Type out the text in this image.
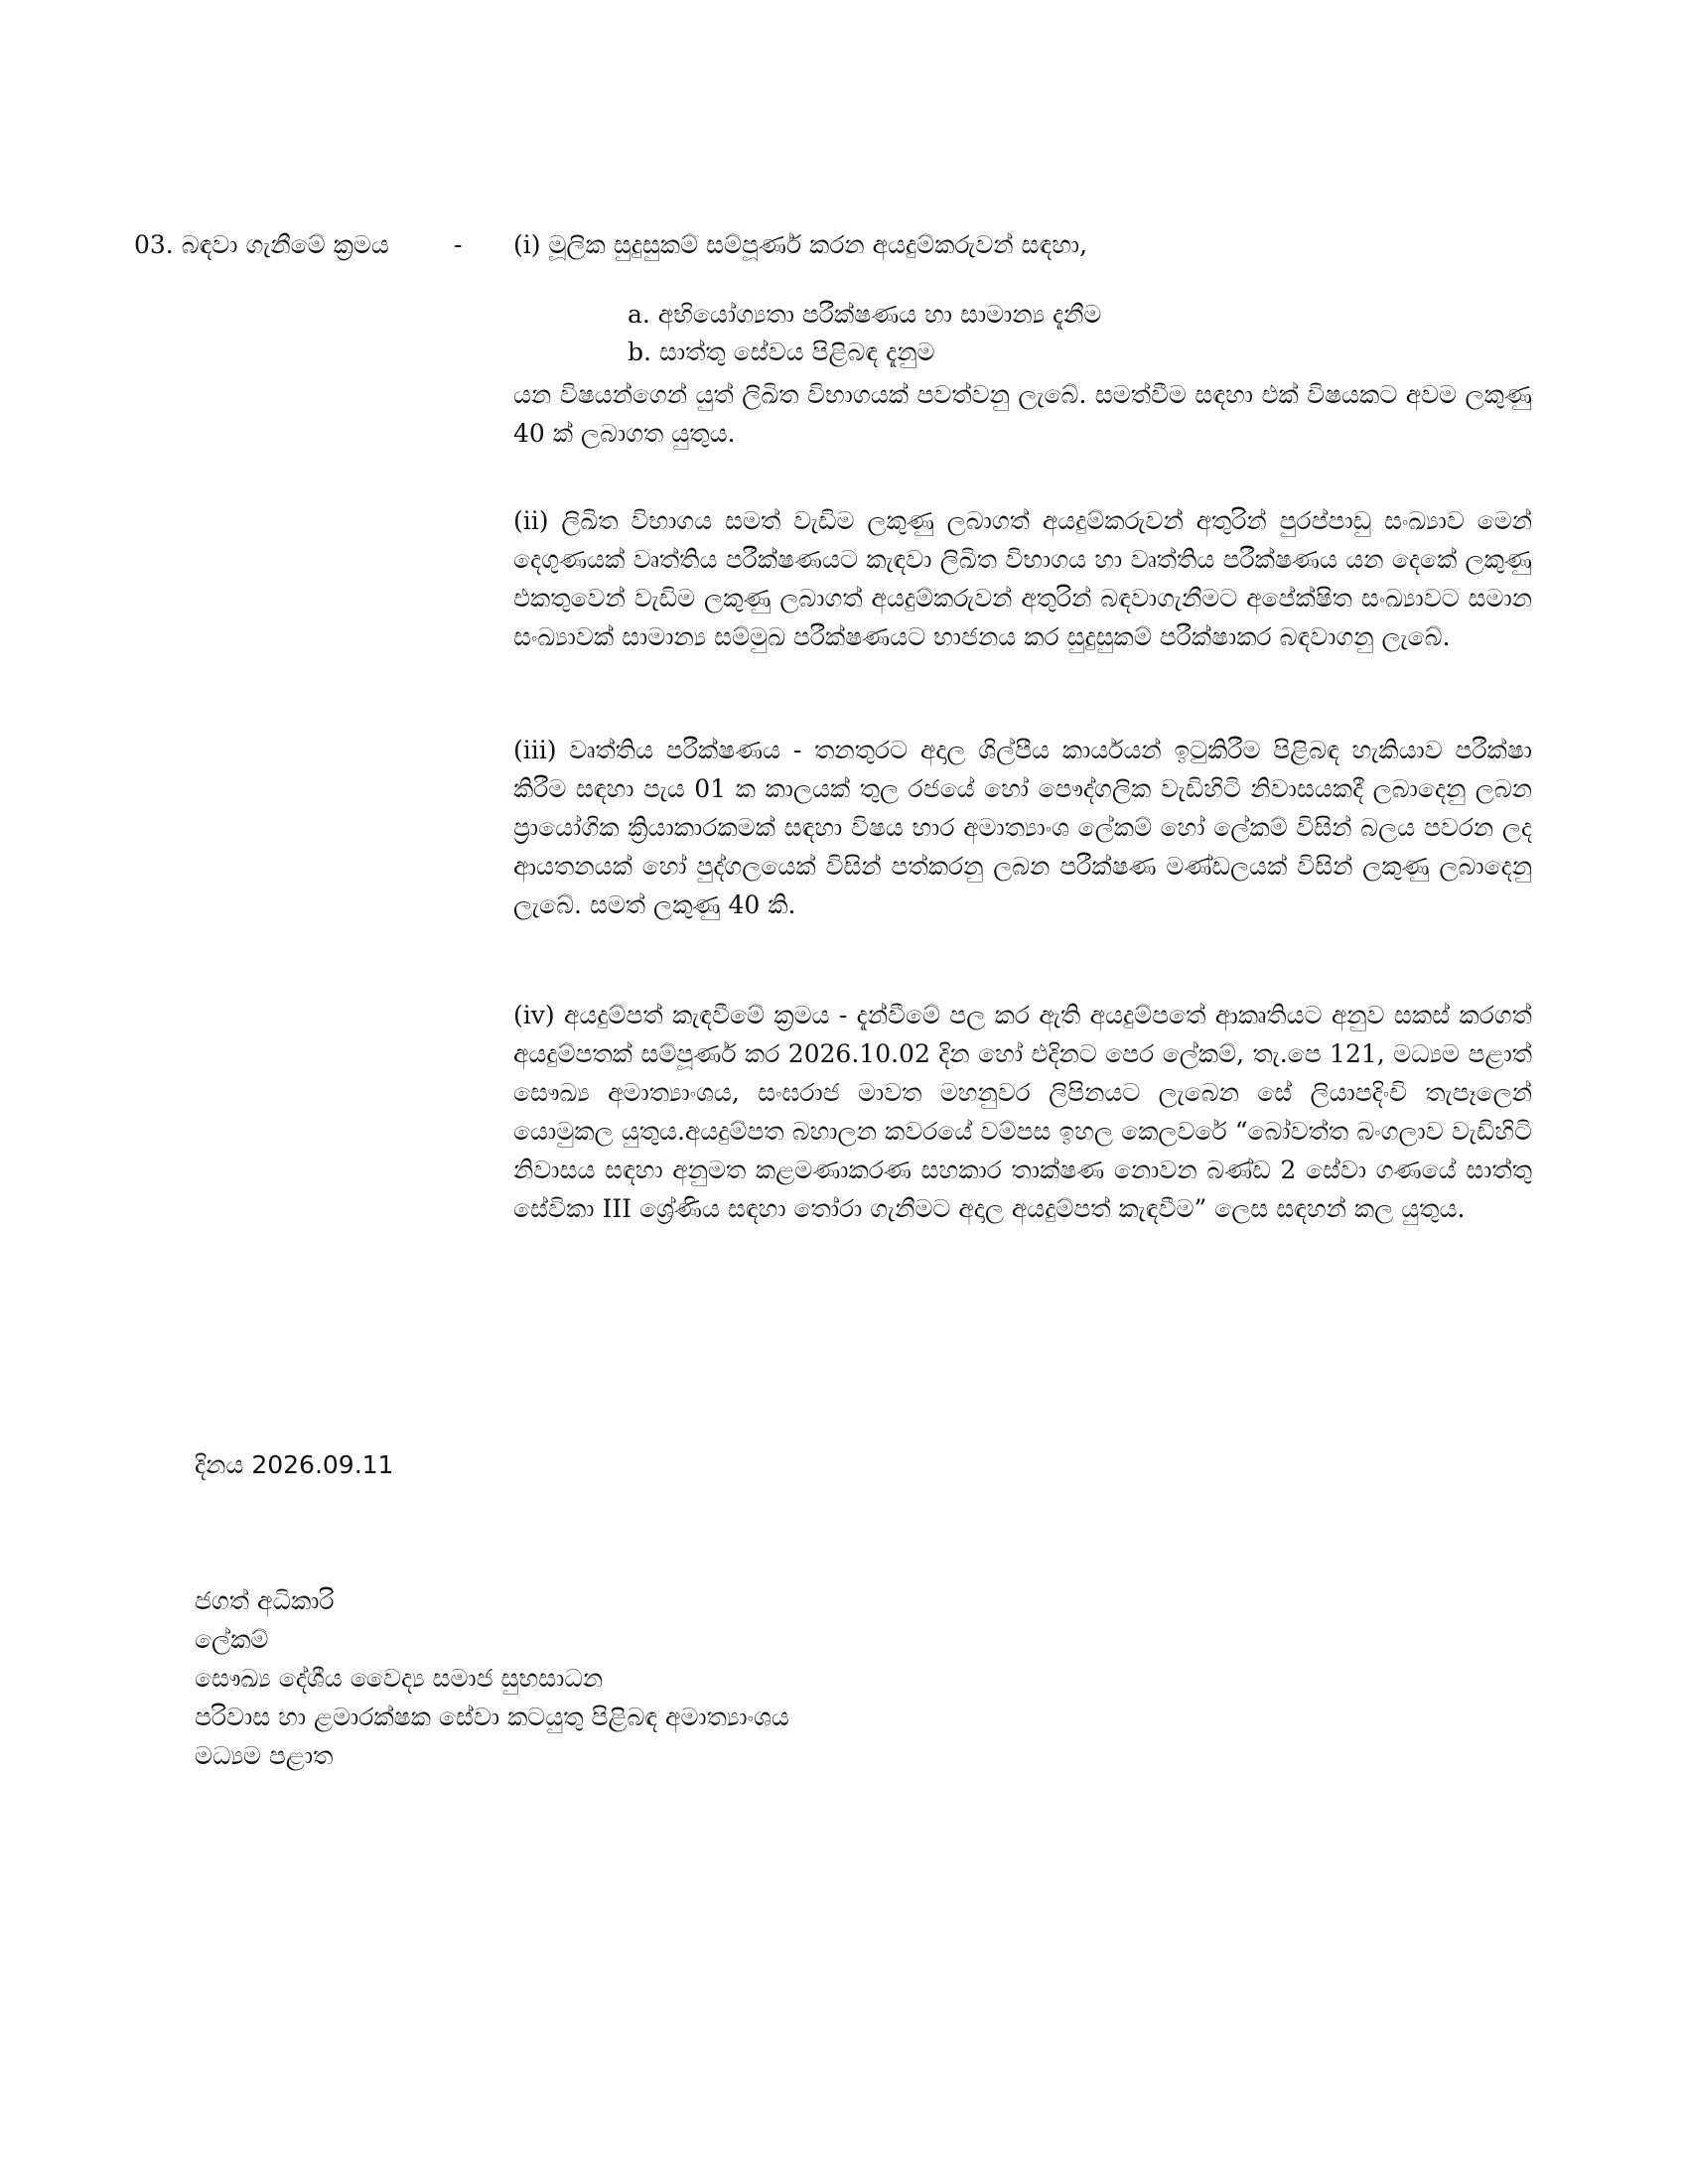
03. බඳවා ගැනීමේ ක්‍රමය	- (i) මූලික සුදුසුකම් සම්පූර්ණ කරන අයදුම්කරුවන් සඳහා,
a. අභියෝග්‍යතා පරීක්ෂණය හා සාමාන්‍ය දැනීම
b. සාත්තු සේවය පිළිබඳ දැනුම
යන විෂයන්ගෙන් යුත් ලිඛිත විභාගයක් පවත්වනු ලැබේ. සමත්වීම සඳහා එක් විෂයකට අවම ලකුණු 40 ක් ලබාගත යුතුය.
(ii) ලිඛිත විභාගය සමත් වැඩිම ලකුණු ලබාගත් අයදුම්කරුවන් අතුරින් පුරප්පාඩු සංඛ්‍යාව මෙන් දෙගුණයක් වෘත්තිය පරීක්ෂණයට කැඳවා ලිඛිත විභාගය හා වෘත්තිය පරීක්ෂණය යන දෙකේ ලකුණු එකතුවෙන් වැඩිම ලකුණු ලබාගත් අයදුම්කරුවන් අතුරින් බඳවාගැනීමට අපේක්ෂිත සංඛ්‍යාවට සමාන සංඛ්‍යාවක් සාමාන්‍ය සම්මුඛ පරීක්ෂණයට භාජනය කර සුදුසුකම් පරීක්ෂාකර බඳවාගනු ලැබේ.
(iii) වෘත්තිය පරීක්ෂණය - තනතුරට අදාල ශිල්පීය කාර්යයන් ඉටුකිරීම පිළිබඳ හැකියාව පරීක්ෂා කිරීම සඳහා පැය 01 ක කාලයක් තුල රජයේ හෝ පෞද්ගලික වැඩිහිටි නිවාසයකදී ලබාදෙනු ලබන ප්‍රායෝගික ක්‍රියාකාරකමක් සඳහා විෂය භාර අමාත්‍යාංශ ලේකම් හෝ ලේකම් විසින් බලය පවරන ලද ආයතනයක් හෝ පුද්ගලයෙක් විසින් පත්කරනු ලබන පරීක්ෂණ මණ්ඩලයක් විසින් ලකුණු ලබාදෙනු ලැබේ. සමත් ලකුණු 40 කි.
(iv) අයදුම්පත් කැඳවීමේ ක්‍රමය - දැන්වීමේ පල කර ඇති අයදුම්පතේ ආකෘතියට අනුව සකස් කරගත් අයදුම්පතක් සම්පූර්ණ කර 2026.10.02 දින හෝ එදිනට පෙර ලේකම්, තැ.පෙ 121, මධ්‍යම පළාත් සෞඛ්‍ය අමාත්‍යාංශය, සංඝරාජ මාවත මහනුවර ලිපිනයට ලැබෙන සේ ලියාපදිංචි තැපෑලෙන් යොමුකල යුතුය.අයදුම්පත බහාලන කවරයේ වම්පස ඉහල කෙලවරේ “බෝවත්ත බංගලාව වැඩිහිටි නිවාසය සඳහා අනුමත කළමණාකරණ සහකාර තාක්ෂණ නොවන බණ්ඩ 2 සේවා ගණයේ සාත්තු සේවිකා III ශ්‍රේණිය සඳහා තෝරා ගැනීමට අදාල අයදුම්පත් කැඳවීම” ලෙස සඳහන් කල යුතුය.
දිනය 2026.09.11
ජගත් අධිකාරි
ලේකම්
සෞඛ්‍ය දේශීය වෛද්‍ය සමාජ සුභසාධන
පරිවාස හා ළමාරක්ෂක සේවා කටයුතු පිළිබඳ අමාත්‍යාංශය
මධ්‍යම පළාත
